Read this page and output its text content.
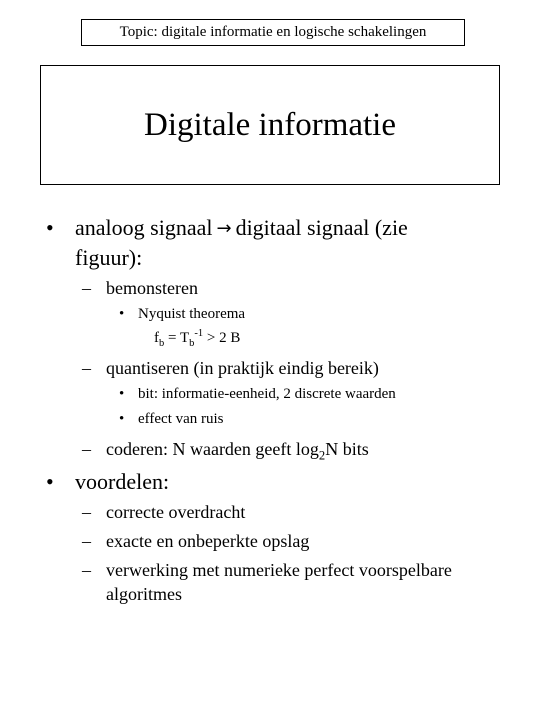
Topic: digitale informatie en logische schakelingen
Digitale informatie
• analoog signaal → digitaal signaal (zie
figuur):
– bemonsteren
• Nyquist theorema
$f_b = T_b^{-1} > 2$ B
– quantiseren (in praktijk eindig bereik)
• bit: informatie-eenheid, 2 discrete waarden
• effect van ruis
– coderen: N waarden geeft $\log_2N$ bits
• voordelen:
– correcte overdracht
– exacte en onbeperkte opslag
– verwerking met numerieke perfect voorspelbare
algoritmes
